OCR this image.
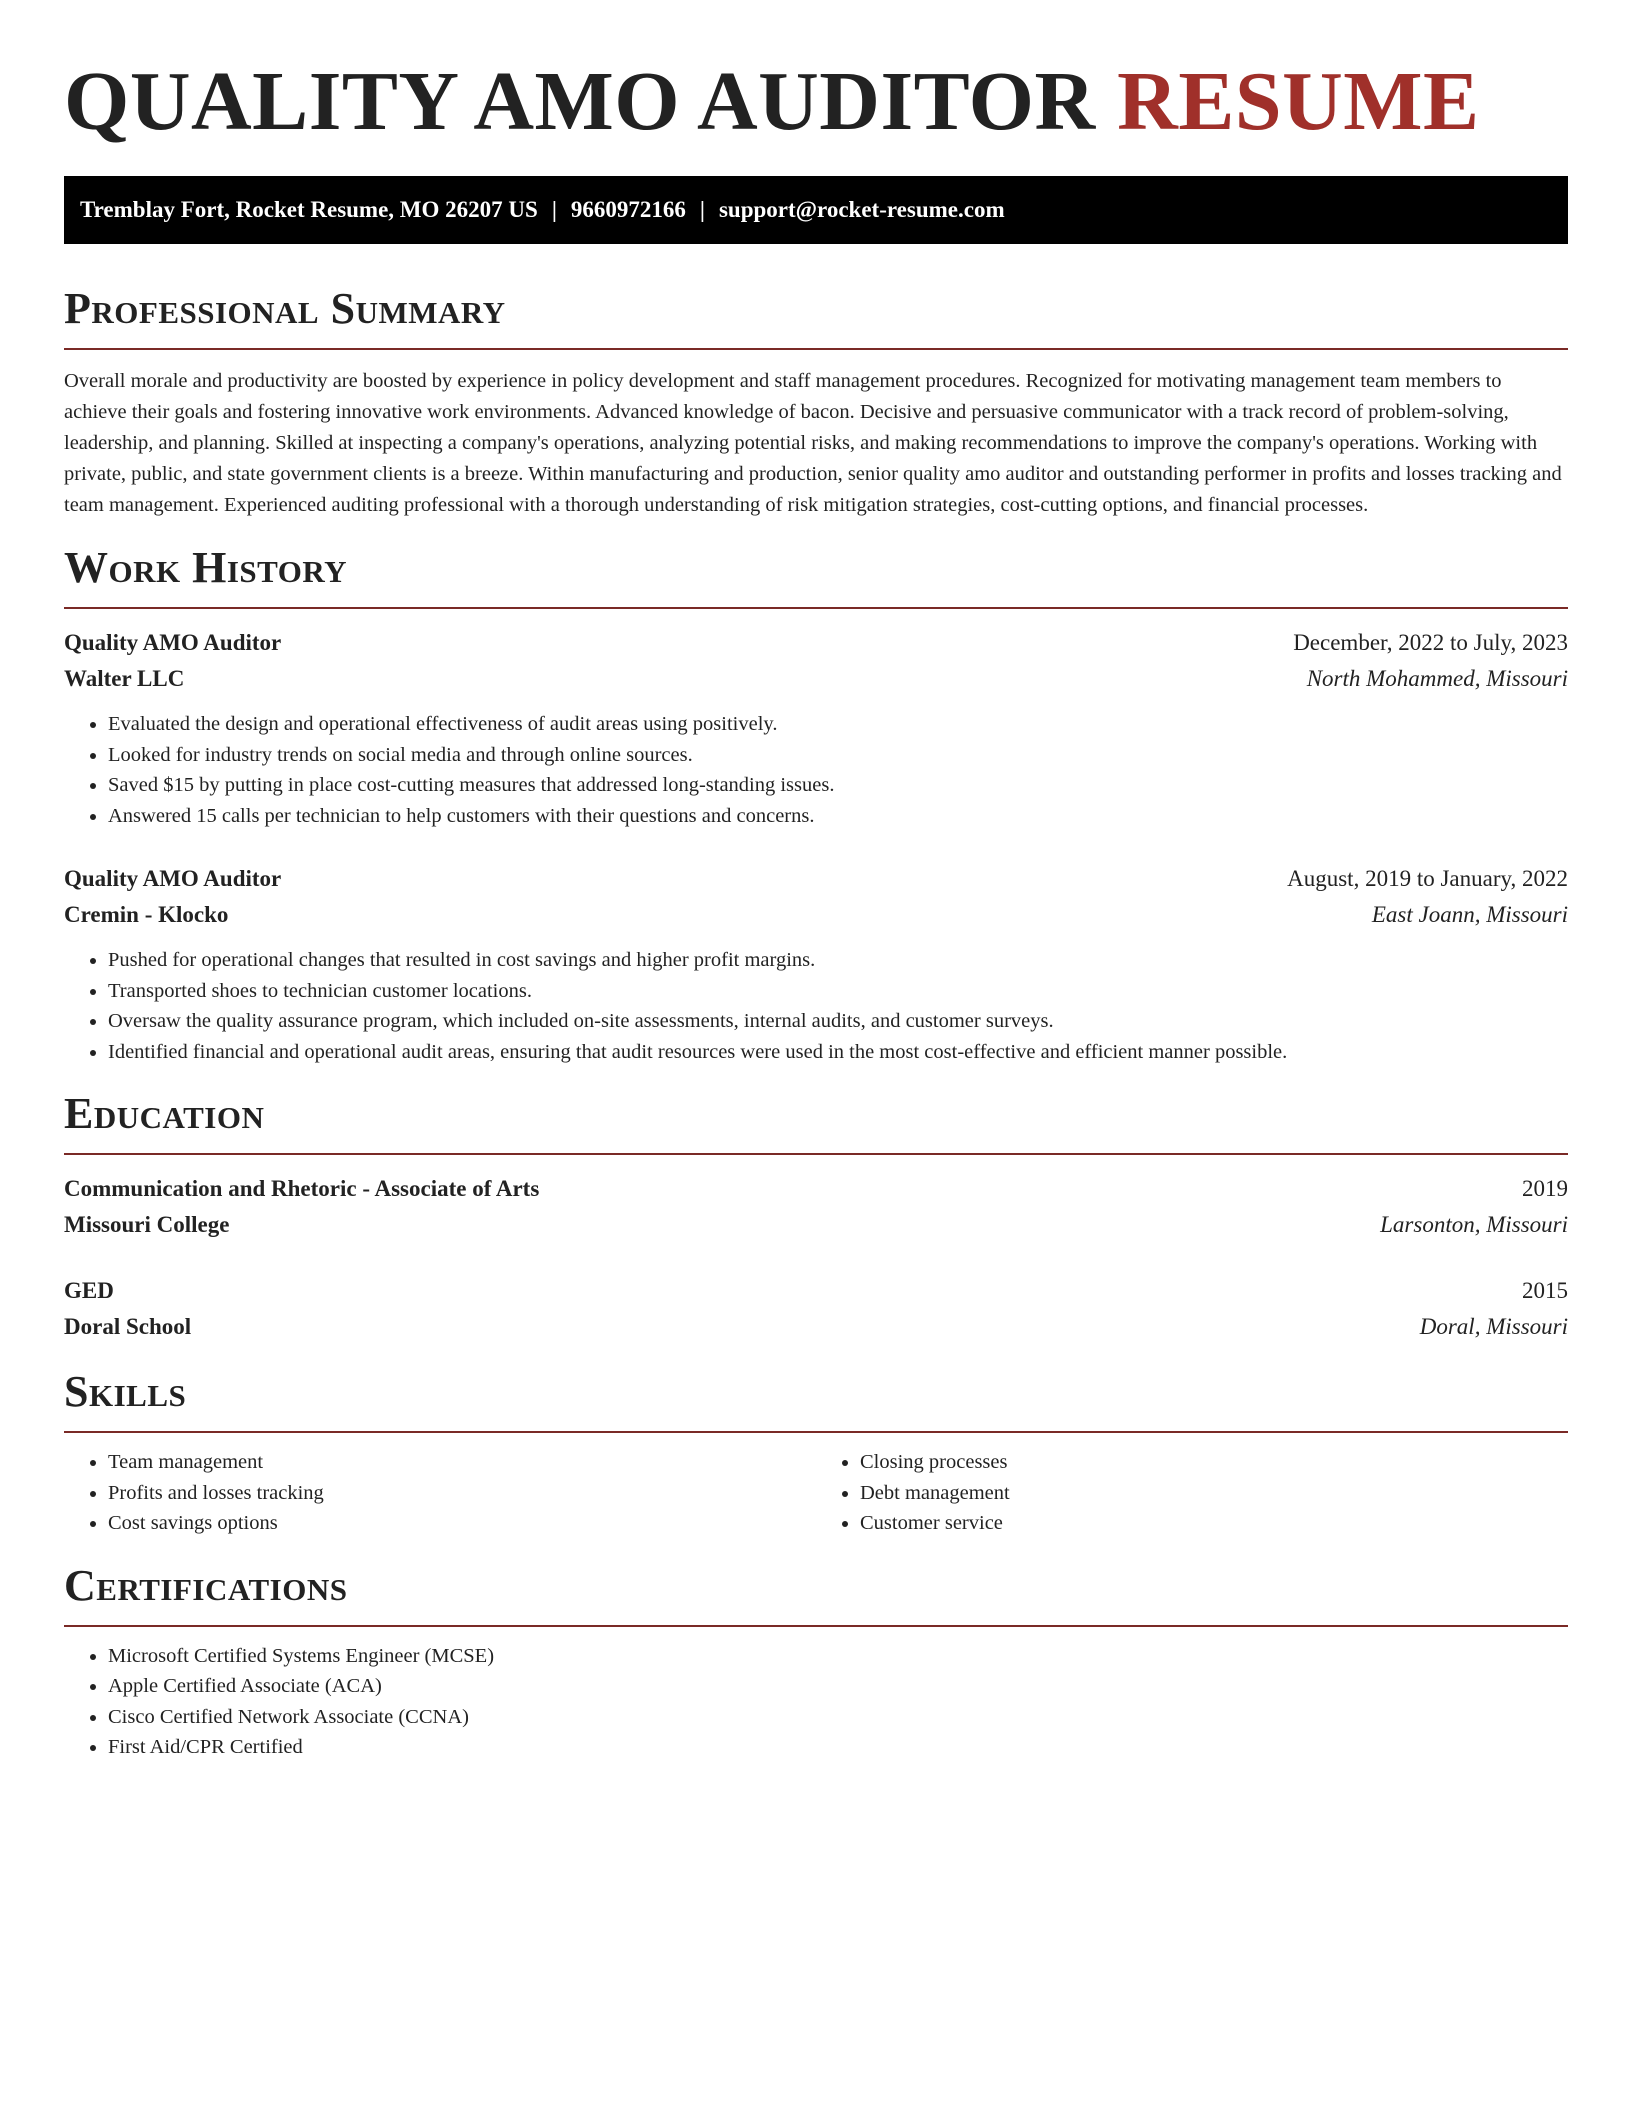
QUALITY AMO AUDITOR RESUME
Tremblay Fort, Rocket Resume, MO 26207 US | 9660972166 | support@rocket-resume.com
Professional Summary

Overall morale and productivity are boosted by experience in policy development and staff management procedures. Recognized for motivating management team members to achieve their goals and fostering innovative work environments. Advanced knowledge of bacon. Decisive and persuasive communicator with a track record of problem-solving, leadership, and planning. Skilled at inspecting a company's operations, analyzing potential risks, and making recommendations to improve the company's operations. Working with private, public, and state government clients is a breeze. Within manufacturing and production, senior quality amo auditor and outstanding performer in profits and losses tracking and team management. Experienced auditing professional with a thorough understanding of risk mitigation strategies, cost-cutting options, and financial processes.

Work History
Quality AMO Auditor	December, 2022 to July, 2023
Walter LLC	North Mohammed, Missouri
• Evaluated the design and operational effectiveness of audit areas using positively.
• Looked for industry trends on social media and through online sources.
• Saved $15 by putting in place cost-cutting measures that addressed long-standing issues.
• Answered 15 calls per technician to help customers with their questions and concerns.
Quality AMO Auditor	August, 2019 to January, 2022
Cremin - Klocko	East Joann, Missouri
• Pushed for operational changes that resulted in cost savings and higher profit margins.
• Transported shoes to technician customer locations.
• Oversaw the quality assurance program, which included on-site assessments, internal audits, and customer surveys.
• Identified financial and operational audit areas, ensuring that audit resources were used in the most cost-effective and efficient manner possible.
Education
Communication and Rhetoric - Associate of Arts	2019
Missouri College	Larsonton, Missouri
GED	2015
Doral School	Doral, Missouri
Skills
• Team management
• Profits and losses tracking
• Cost savings options
• Closing processes
• Debt management
• Customer service
Certifications
• Microsoft Certified Systems Engineer (MCSE)
• Apple Certified Associate (ACA)
• Cisco Certified Network Associate (CCNA)
• First Aid/CPR Certified
